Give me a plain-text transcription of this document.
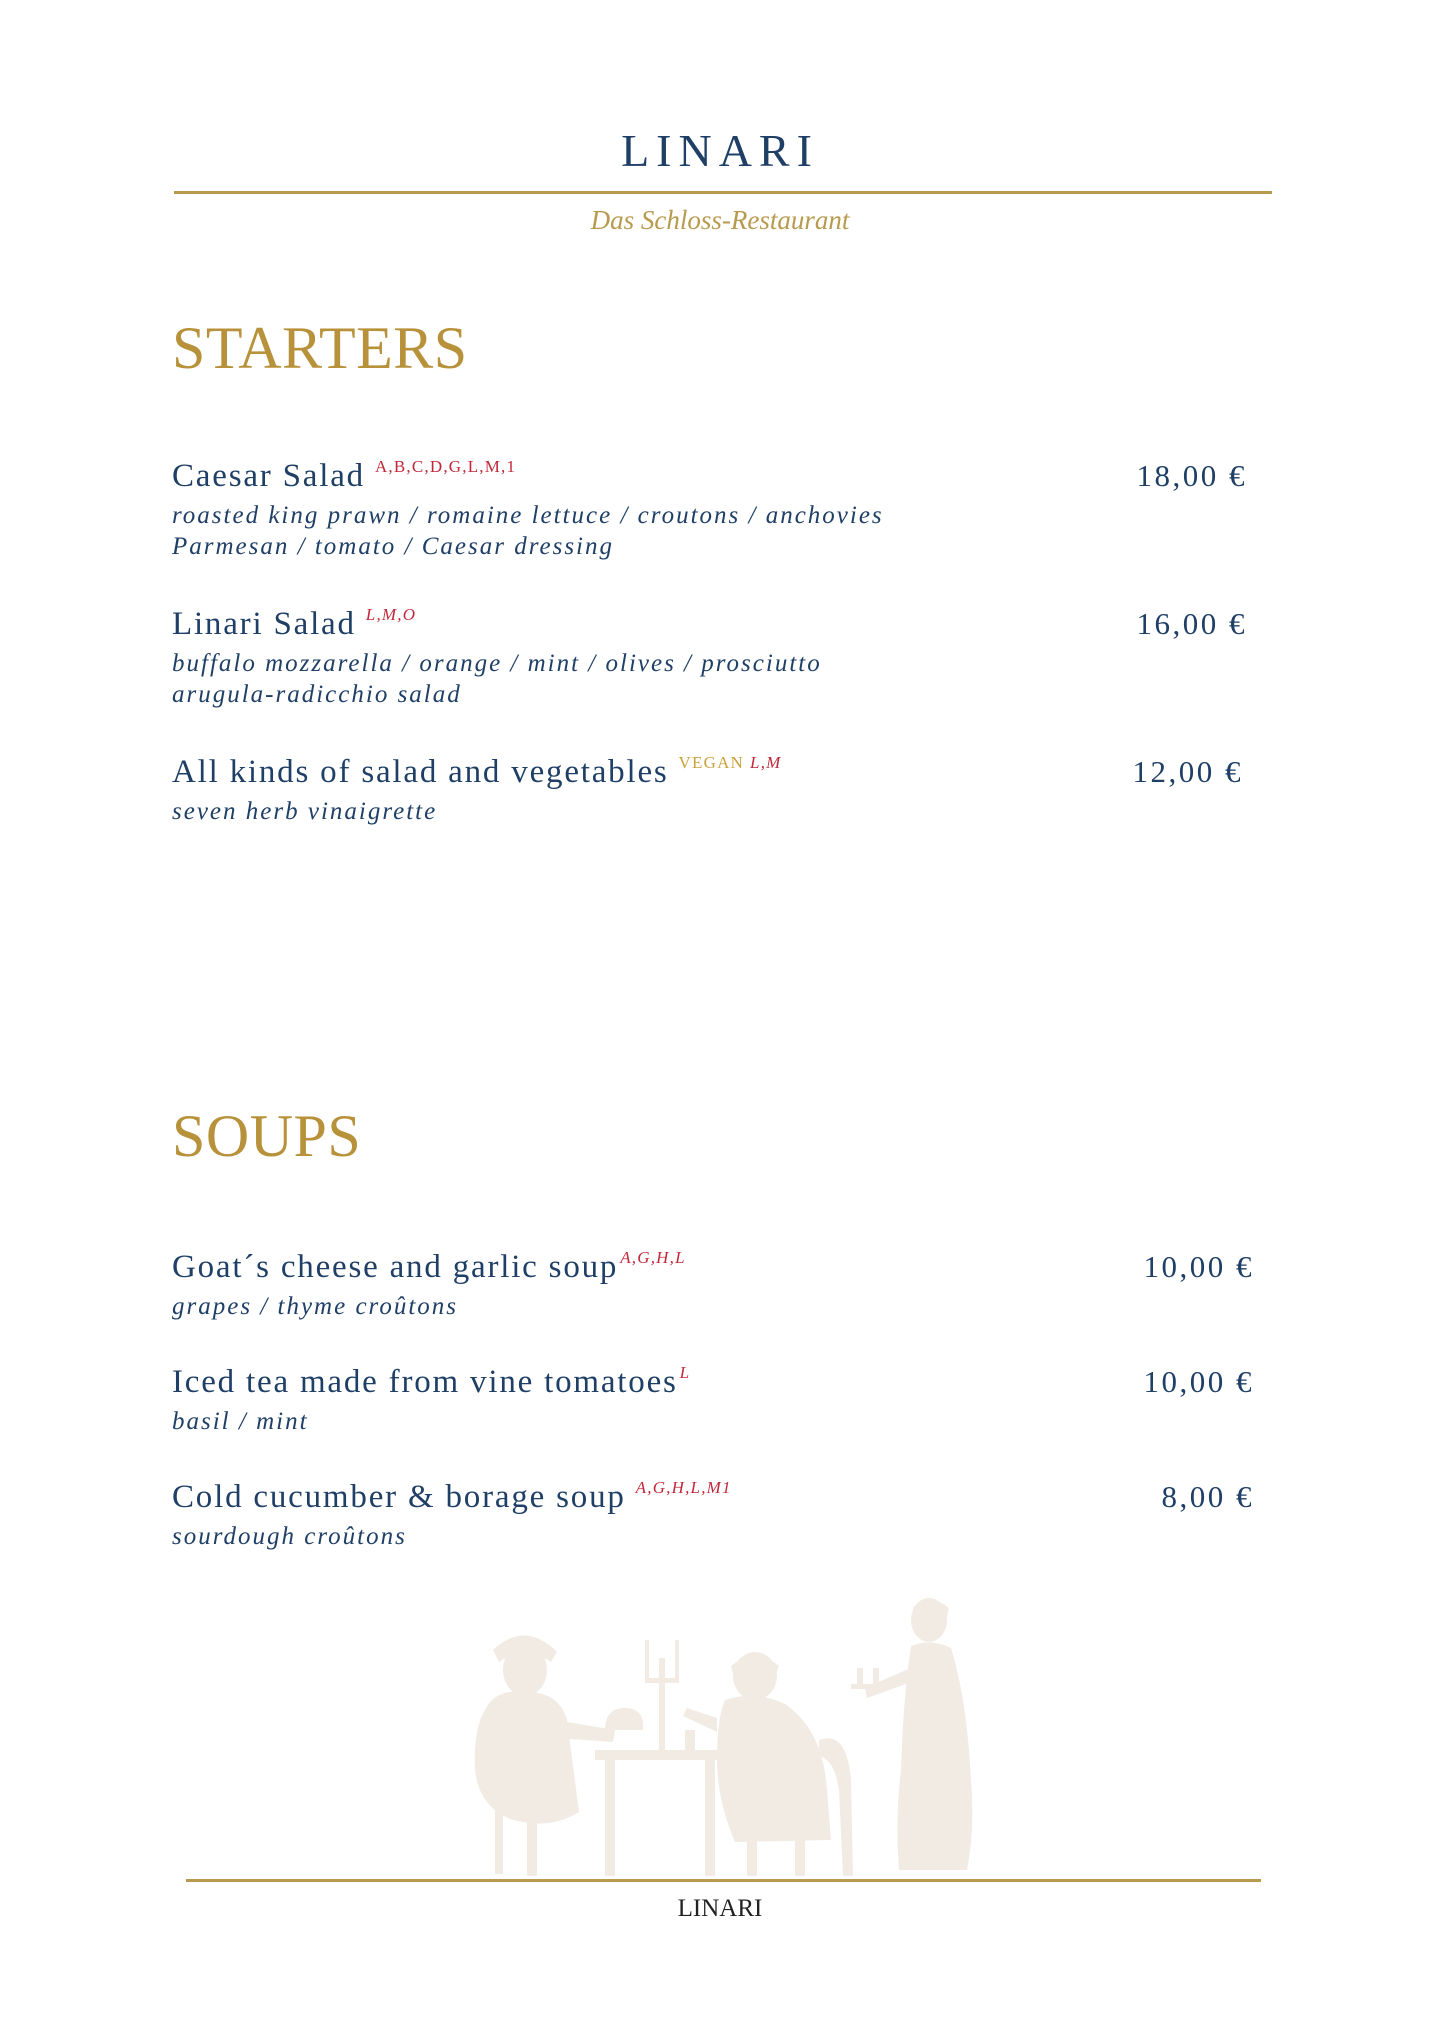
LINARI
Das Schloss-Restaurant
STARTERS
Caesar Salad $^{A,B,C,D,G,L,M,1}$	18,00 €
roasted king prawn / romaine lettuce / croutons / anchovies
Parmesan / tomato / Caesar dressing
Linari Salad $^{L,M,O}$	16,00 €
buffalo mozzarella / orange / mint / olives / prosciutto
arugula-radicchio salad
All kinds of salad and vegetables $^{VEGAN L,M}$	12,00 €
seven herb vinaigrette
SOUPS
Goat´s cheese and garlic soup $^{A,G,H,L}$	10,00 €
grapes / thyme croûtons
Iced tea made from vine tomatoes $^L$	10,00 €
basil / mint
Cold cucumber & borage soup $^{A,G,H,L,M1}$	8,00 €
sourdough croûtons
LINARI
